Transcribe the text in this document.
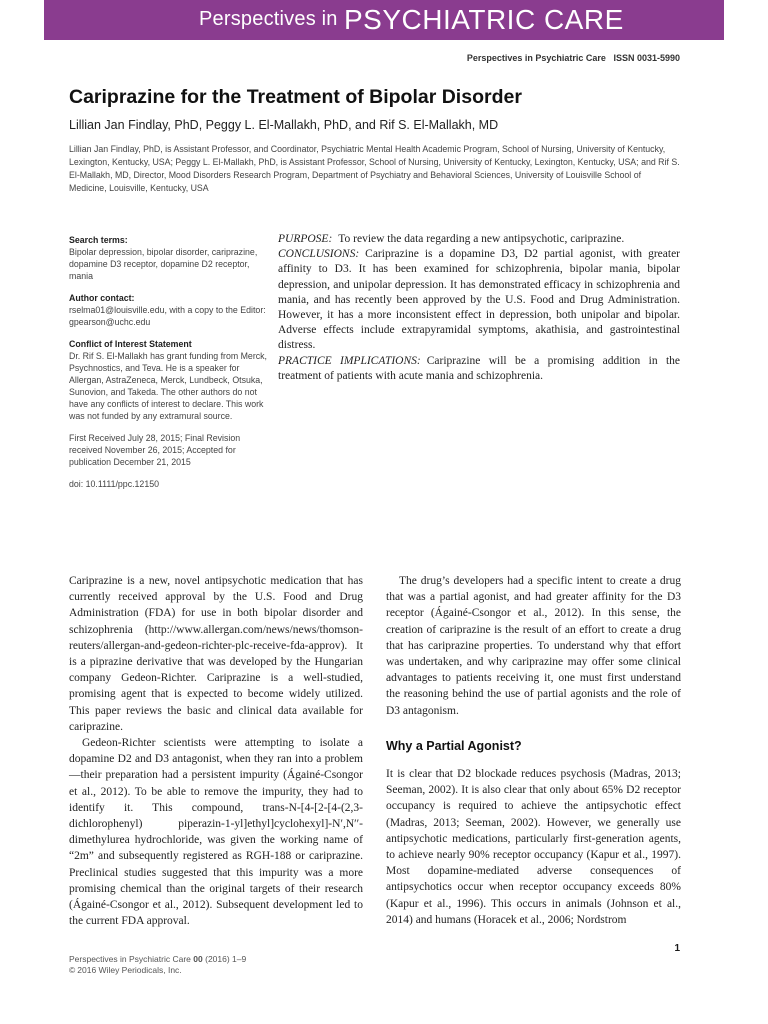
Perspectives in PSYCHIATRIC CARE
Perspectives in Psychiatric Care ISSN 0031-5990
Cariprazine for the Treatment of Bipolar Disorder
Lillian Jan Findlay, PhD, Peggy L. El-Mallakh, PhD, and Rif S. El-Mallakh, MD
Lillian Jan Findlay, PhD, is Assistant Professor, and Coordinator, Psychiatric Mental Health Academic Program, School of Nursing, University of Kentucky, Lexington, Kentucky, USA; Peggy L. El-Mallakh, PhD, is Assistant Professor, School of Nursing, University of Kentucky, Lexington, Kentucky, USA; and Rif S. El-Mallakh, MD, Director, Mood Disorders Research Program, Department of Psychiatry and Behavioral Sciences, University of Louisville School of Medicine, Louisville, Kentucky, USA
Search terms:
Bipolar depression, bipolar disorder, cariprazine, dopamine D3 receptor, dopamine D2 receptor, mania
Author contact:
rselma01@louisville.edu, with a copy to the Editor: gpearson@uchc.edu
Conflict of Interest Statement
Dr. Rif S. El-Mallakh has grant funding from Merck, Psychnostics, and Teva. He is a speaker for Allergan, AstraZeneca, Merck, Lundbeck, Otsuka, Sunovion, and Takeda. The other authors do not have any conflicts of interest to declare. This work was not funded by any extramural source.
First Received July 28, 2015; Final Revision received November 26, 2015; Accepted for publication December 21, 2015
doi: 10.1111/ppc.12150

PURPOSE: To review the data regarding a new antipsychotic, cariprazine.

CONCLUSIONS: Cariprazine is a dopamine D3, D2 partial agonist, with greater affinity to D3. It has been examined for schizophrenia, bipolar mania, bipolar depression, and unipolar depression. It has demonstrated efficacy in schizophrenia and mania, and has recently been approved by the U.S. Food and Drug Administration. However, it has a more inconsistent effect in depression, both unipolar and bipolar. Adverse effects include extrapyramidal symptoms, akathisia, and gastrointestinal distress.

PRACTICE IMPLICATIONS: Cariprazine will be a promising addition in the treatment of patients with acute mania and schizophrenia.

Cariprazine is a new, novel antipsychotic medication that has currently received approval by the U.S. Food and Drug Administration (FDA) for use in both bipolar disorder and schizophrenia (http://www.allergan.com/news/news/thomson-reuters/allergan-and-gedeon-richter-plc-receive-fda-approv). It is a piprazine derivative that was developed by the Hungarian company Gedeon-Richter. Cariprazine is a well-studied, promising agent that is expected to become widely utilized. This paper reviews the basic and clinical data available for cariprazine.

Gedeon-Richter scientists were attempting to isolate a dopamine D2 and D3 antagonist, when they ran into a problem—their preparation had a persistent impurity (Ágainé-Csongor et al., 2012). To be able to remove the impurity, they had to identify it. This compound, trans-N-[4-[2-[4-(2,3-dichlorophenyl) piperazin-1-yl]ethyl]cyclohexyl]-N′,N′′-dimethylurea hydrochloride, was given the working name of “2m” and subsequently registered as RGH-188 or cariprazine. Preclinical studies suggested that this impurity was a more promising chemical than the original targets of their research (Ágainé-Csongor et al., 2012). Subsequent development led to the current FDA approval.

The drug’s developers had a specific intent to create a drug that was a partial agonist, and had greater affinity for the D3 receptor (Ágainé-Csongor et al., 2012). In this sense, the creation of cariprazine is the result of an effort to create a drug that has cariprazine properties. To understand why that effort was undertaken, and why cariprazine may offer some clinical advantages to patients receiving it, one must first understand the reasoning behind the use of partial agonists and the role of D3 antagonism.

Why a Partial Agonist?

It is clear that D2 blockade reduces psychosis (Madras, 2013; Seeman, 2002). It is also clear that only about 65% D2 receptor occupancy is required to achieve the antipsychotic effect (Madras, 2013; Seeman, 2002). However, we generally use antipsychotic medications, particularly first-generation agents, to achieve nearly 90% receptor occupancy (Kapur et al., 1997). Most dopamine-mediated adverse consequences of antipsychotics occur when receptor occupancy exceeds 80% (Kapur et al., 1996). This occurs in animals (Johnson et al., 2014) and humans (Horacek et al., 2006; Nordstrom

1
Perspectives in Psychiatric Care 00 (2016) 1–9
© 2016 Wiley Periodicals, Inc.
